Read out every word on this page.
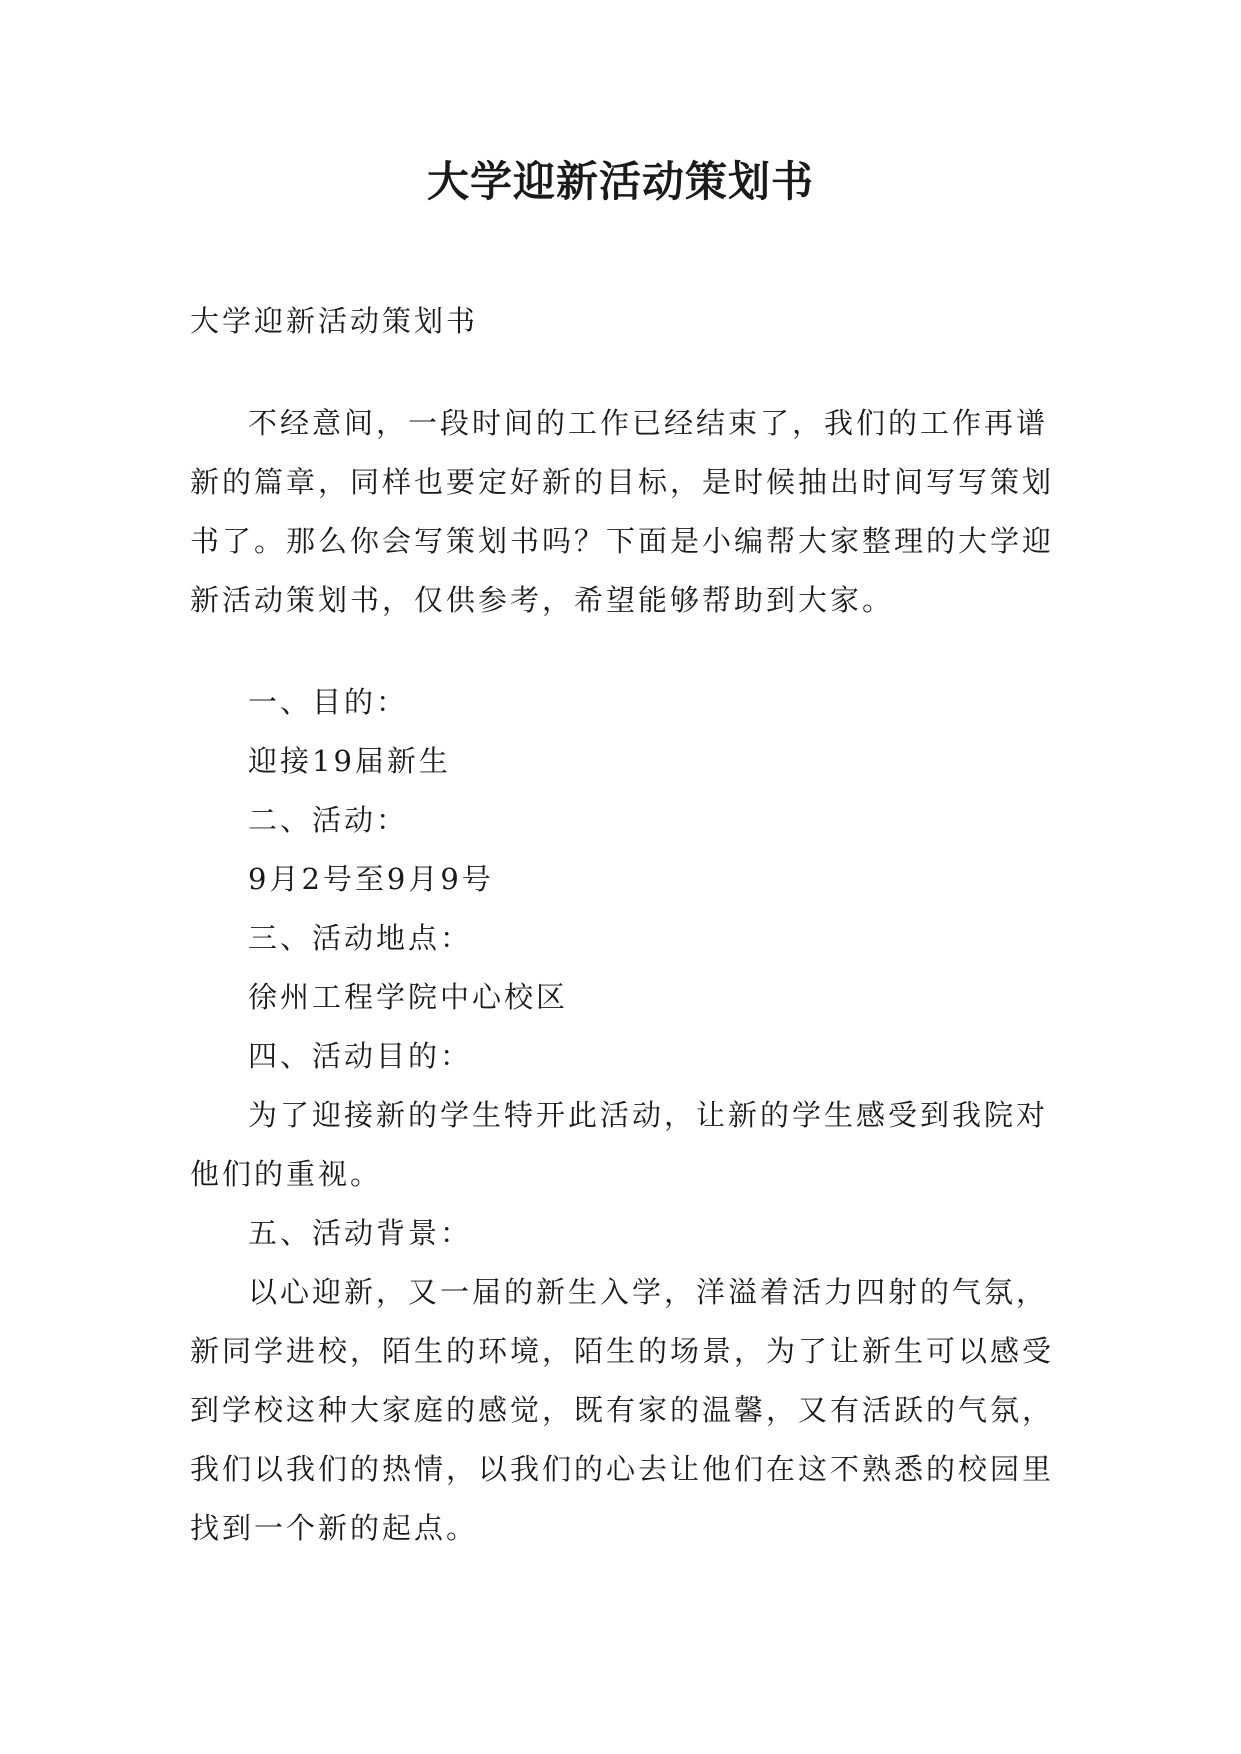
大学迎新活动策划书

大学迎新活动策划书

不经意间，一段时间的工作已经结束了，我们的工作再谱新的篇章，同样也要定好新的目标，是时候抽出时间写写策划书了。那么你会写策划书吗？下面是小编帮大家整理的大学迎新活动策划书，仅供参考，希望能够帮助到大家。

一、目的：

迎接19届新生

二、活动：

9月2号至9月9号

三、活动地点：

徐州工程学院中心校区

四、活动目的：

为了迎接新的学生特开此活动，让新的学生感受到我院对他们的重视。

五、活动背景：

以心迎新，又一届的新生入学，洋溢着活力四射的气氛，新同学进校，陌生的环境，陌生的场景，为了让新生可以感受到学校这种大家庭的感觉，既有家的温馨，又有活跃的气氛，我们以我们的热情，以我们的心去让他们在这不熟悉的校园里找到一个新的起点。
